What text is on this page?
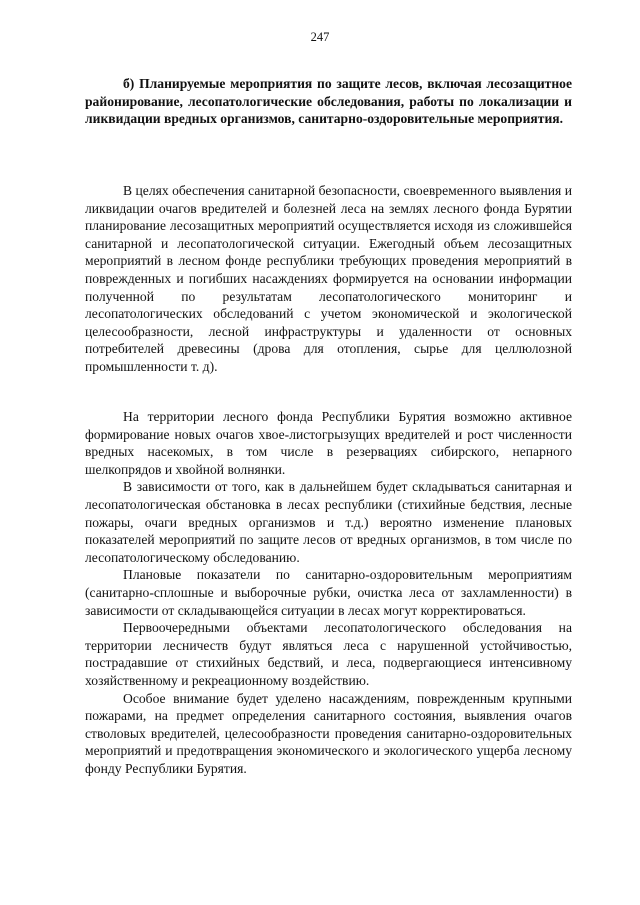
247

б) Планируемые мероприятия по защите лесов, включая лесозащитное районирование, лесопатологические обследования, работы по локализации и ликвидации вредных организмов, санитарно-оздоровительные мероприятия.

В целях обеспечения санитарной безопасности, своевременного выявления и ликвидации очагов вредителей и болезней леса на землях лесного фонда Бурятии планирование лесозащитных мероприятий осуществляется исходя из сложившейся санитарной и лесопатологической ситуации. Ежегодный объем лесозащитных мероприятий в лесном фонде республики требующих проведения мероприятий в поврежденных и погибших насаждениях формируется на основании информации полученной по результатам лесопатологического мониторинг и лесопатологических обследований с учетом экономической и экологической целесообразности, лесной инфраструктуры и удаленности от основных потребителей древесины (дрова для отопления, сырье для целлюлозной промышленности т. д).

На территории лесного фонда Республики Бурятия возможно активное формирование новых очагов хвое-листогрызущих вредителей и рост численности вредных насекомых, в том числе в резервациях сибирского, непарного шелкопрядов и хвойной волнянки.

В зависимости от того, как в дальнейшем будет складываться санитарная и лесопатологическая обстановка в лесах республики (стихийные бедствия, лесные пожары, очаги вредных организмов и т.д.) вероятно изменение плановых показателей мероприятий по защите лесов от вредных организмов, в том числе по лесопатологическому обследованию.

Плановые показатели по санитарно-оздоровительным мероприятиям (санитарно-сплошные и выборочные рубки, очистка леса от захламленности) в зависимости от складывающейся ситуации в лесах могут корректироваться.

Первоочередными объектами лесопатологического обследования на территории лесничеств будут являться леса с нарушенной устойчивостью, пострадавшие от стихийных бедствий, и леса, подвергающиеся интенсивному хозяйственному и рекреационному воздействию.

Особое внимание будет уделено насаждениям, поврежденным крупными пожарами, на предмет определения санитарного состояния, выявления очагов стволовых вредителей, целесообразности проведения санитарно-оздоровительных мероприятий и предотвращения экономического и экологического ущерба лесному фонду Республики Бурятия.
